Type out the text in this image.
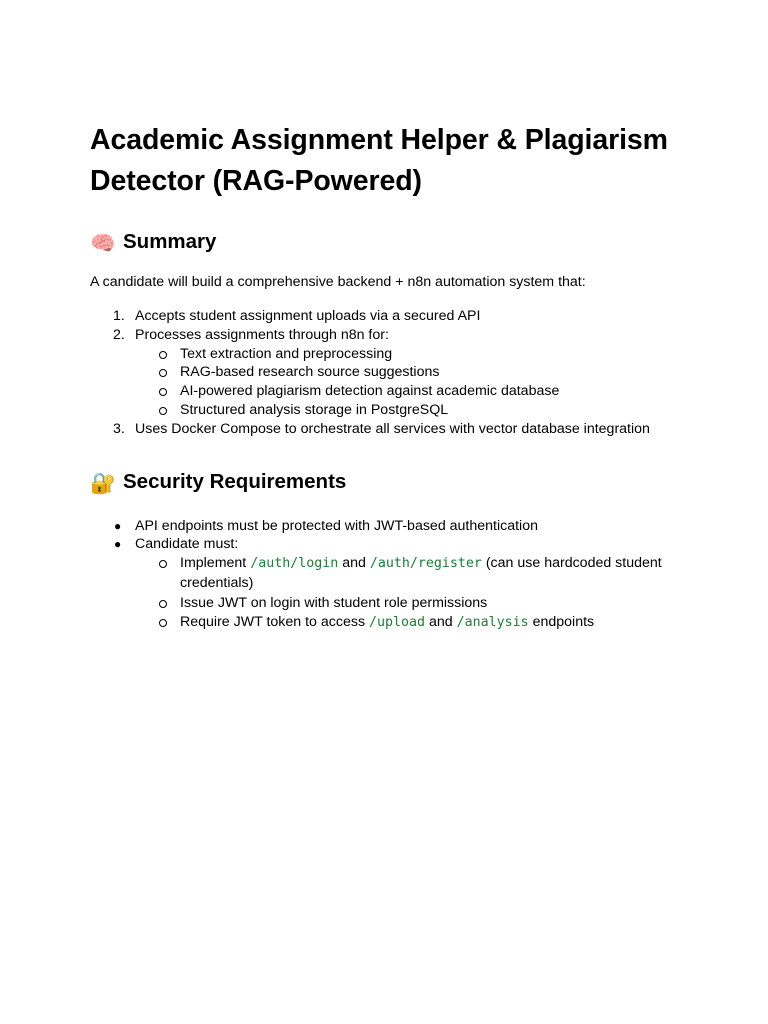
Academic Assignment Helper & Plagiarism Detector (RAG-Powered)
🧠 Summary

A candidate will build a comprehensive backend + n8n automation system that:

1. Accepts student assignment uploads via a secured API
2. Processes assignments through n8n for:
Text extraction and preprocessing
RAG-based research source suggestions
AI-powered plagiarism detection against academic database
Structured analysis storage in PostgreSQL
3. Uses Docker Compose to orchestrate all services with vector database integration
🔐 Security Requirements
● API endpoints must be protected with JWT-based authentication
● Candidate must:
Implement /auth/login and /auth/register (can use hardcoded student credentials)
Issue JWT on login with student role permissions
Require JWT token to access /upload and /analysis endpoints
